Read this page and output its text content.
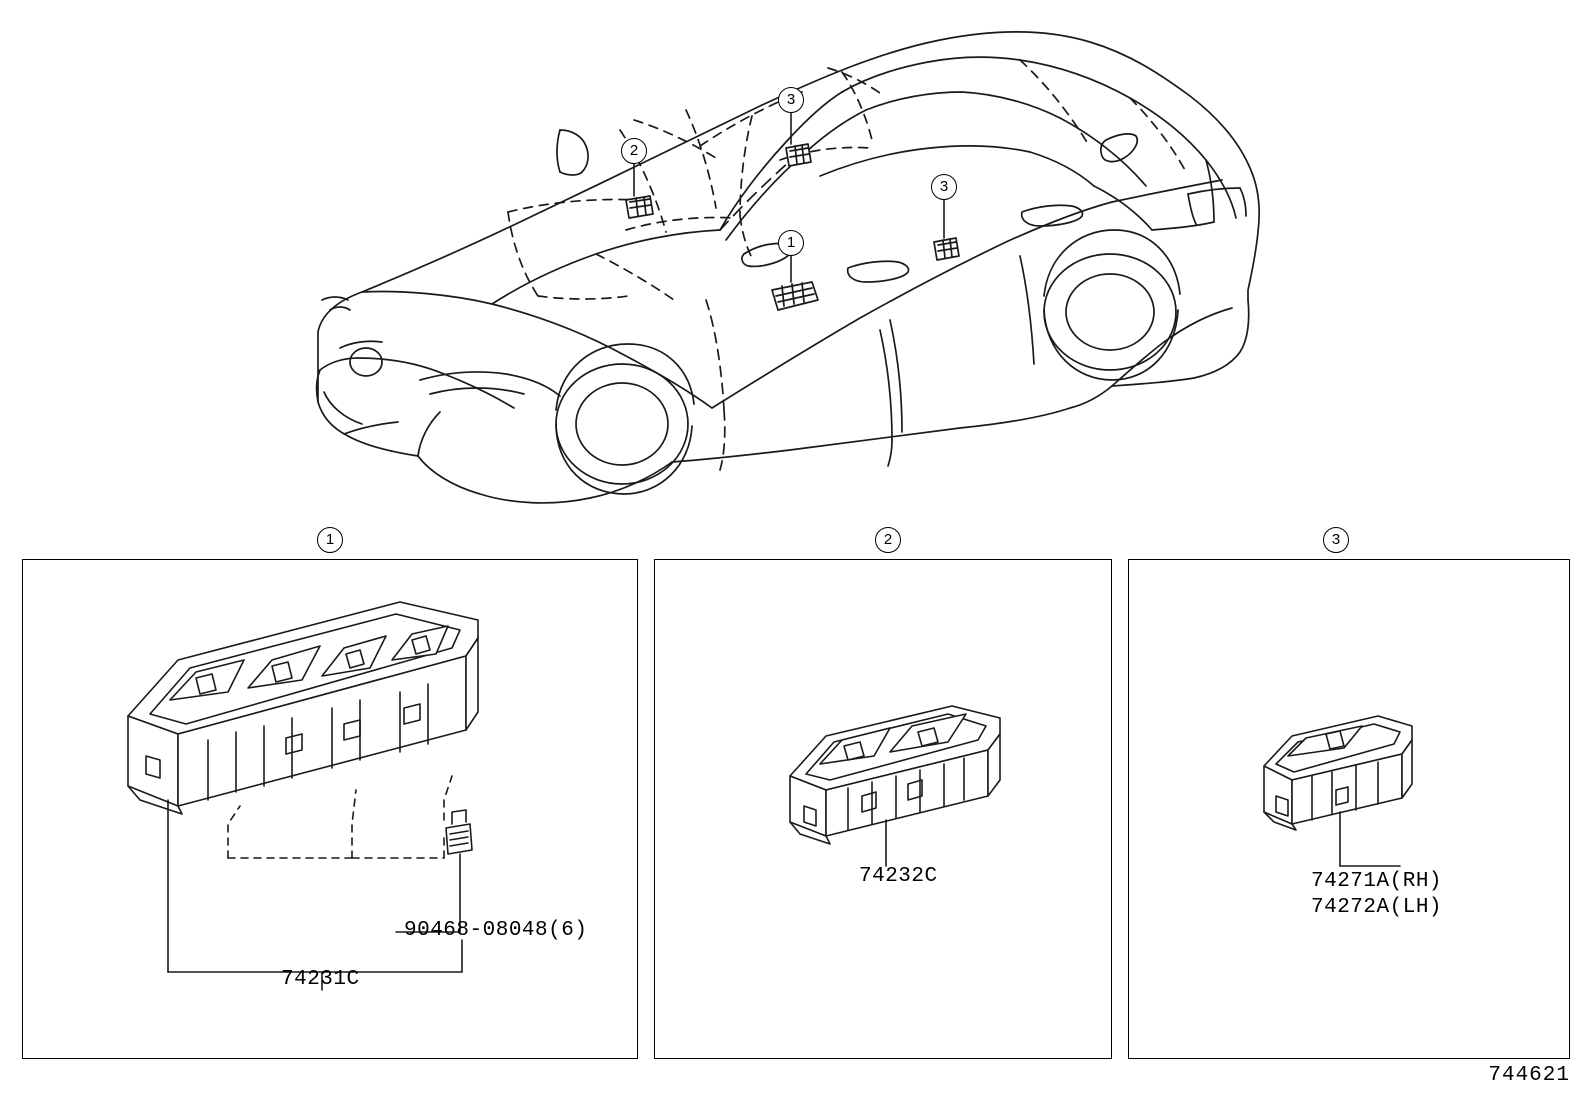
3
2
3
1
1	2	3
90468-08048(6)
74231C
74232C	74271A(RH)
74272A(LH)
744621
